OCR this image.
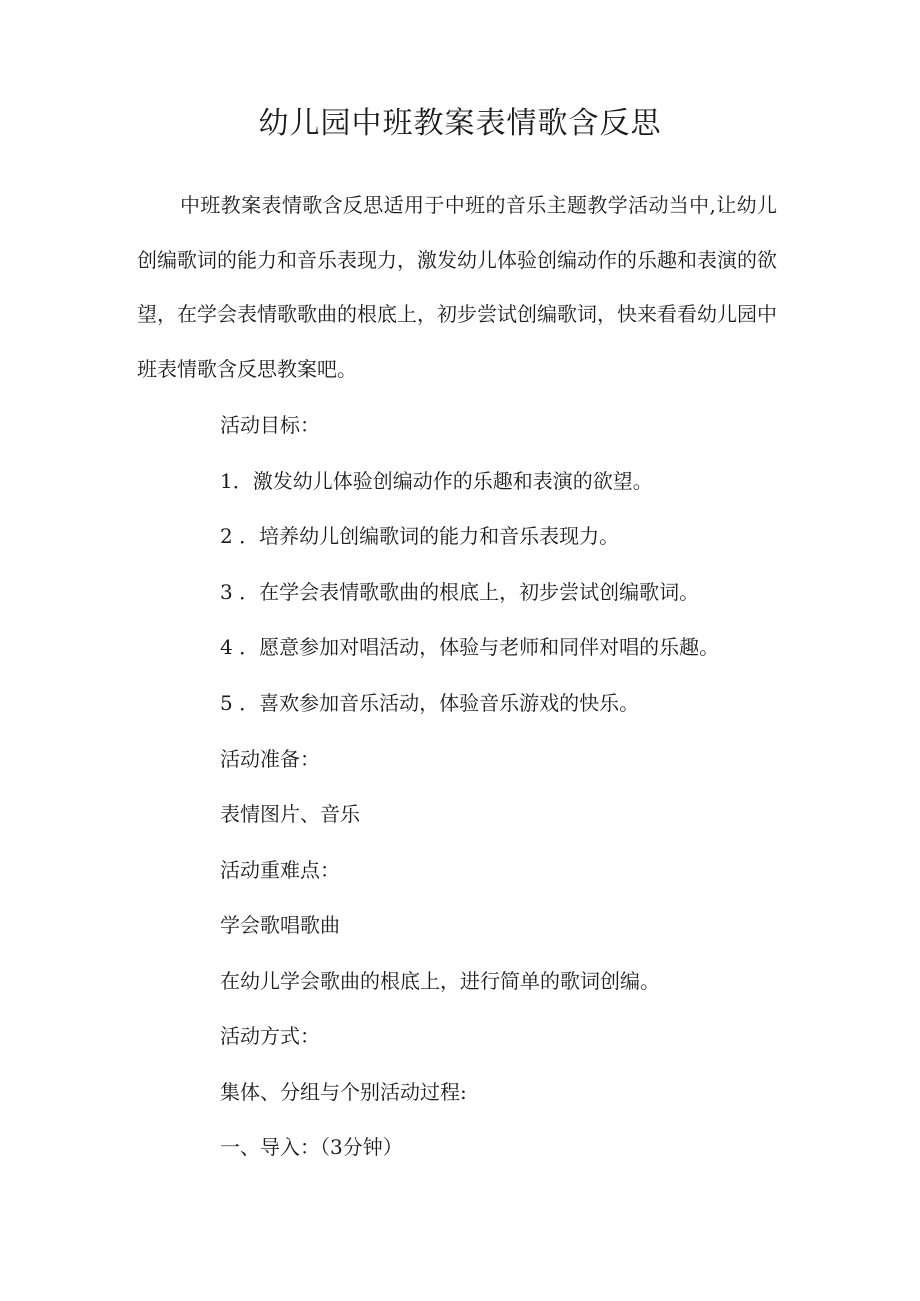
幼儿园中班教案表情歌含反思

中班教案表情歌含反思适用于中班的音乐主题教学活动当中,让幼儿创编歌词的能力和音乐表现力，激发幼儿体验创编动作的乐趣和表演的欲望，在学会表情歌歌曲的根底上，初步尝试创编歌词，快来看看幼儿园中班表情歌含反思教案吧。

活动目标：

1．激发幼儿体验创编动作的乐趣和表演的欲望。

2 ．培养幼儿创编歌词的能力和音乐表现力。

3 ．在学会表情歌歌曲的根底上，初步尝试创编歌词。

4 ．愿意参加对唱活动，体验与老师和同伴对唱的乐趣。

5 ．喜欢参加音乐活动，体验音乐游戏的快乐。

活动准备：

表情图片、音乐

活动重难点：

学会歌唱歌曲

在幼儿学会歌曲的根底上，进行简单的歌词创编。

活动方式：

集体、分组与个别活动过程:

一、导入：（3分钟）
